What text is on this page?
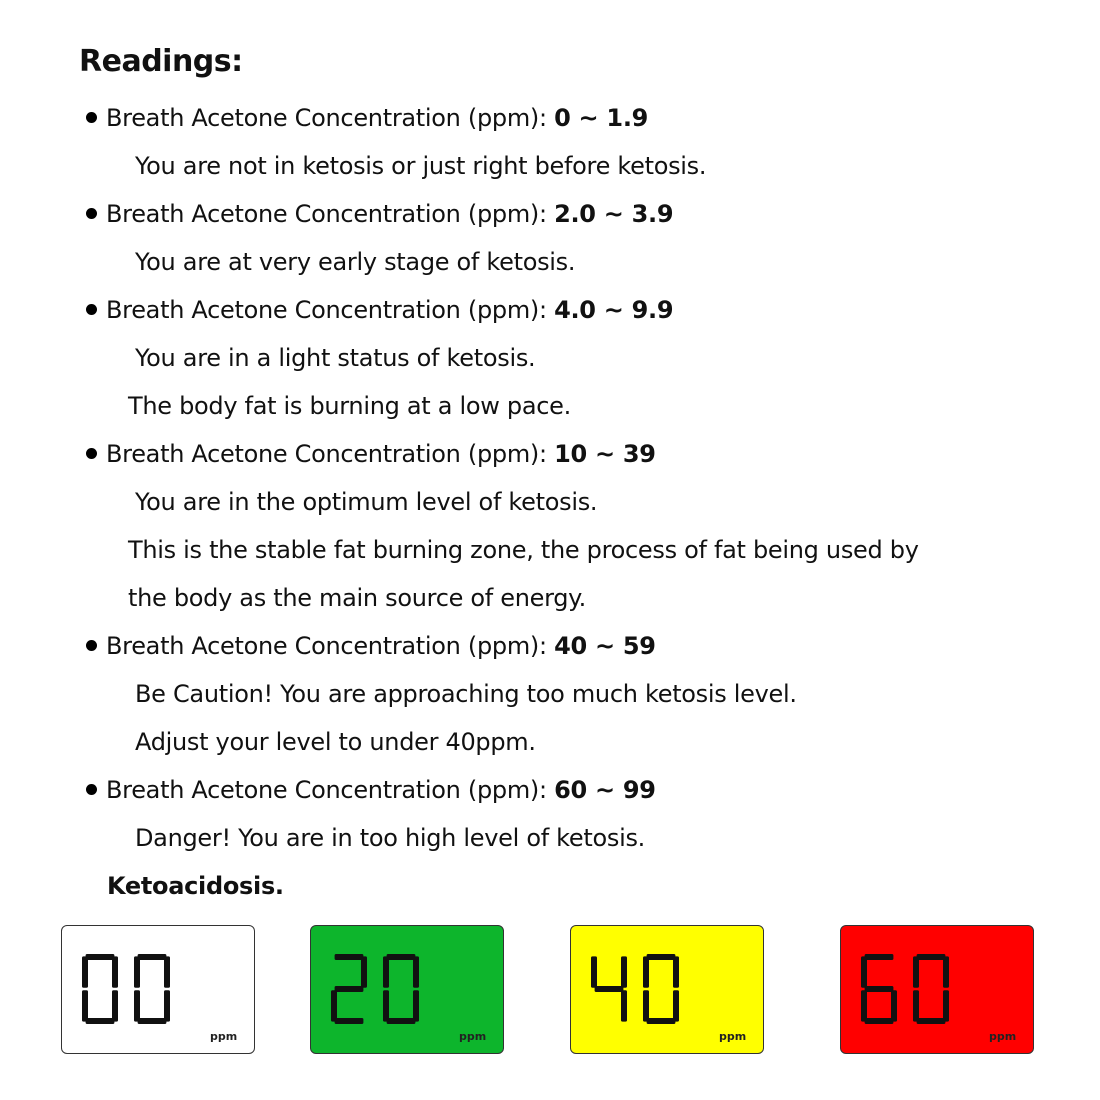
Readings:
Breath Acetone Concentration (ppm): 0 ~ 1.9
You are not in ketosis or just right before ketosis.
Breath Acetone Concentration (ppm): 2.0 ~ 3.9
You are at very early stage of ketosis.
Breath Acetone Concentration (ppm): 4.0 ~ 9.9
You are in a light status of ketosis.
The body fat is burning at a low pace.
Breath Acetone Concentration (ppm): 10 ~ 39
You are in the optimum level of ketosis.
This is the stable fat burning zone, the process of fat being used by
the body as the main source of energy.
Breath Acetone Concentration (ppm): 40 ~ 59
Be Caution! You are approaching too much ketosis level.
Adjust your level to under 40ppm.
Breath Acetone Concentration (ppm): 60 ~ 99
Danger! You are in too high level of ketosis.
Ketoacidosis.
ppm	ppm	ppm	ppm
